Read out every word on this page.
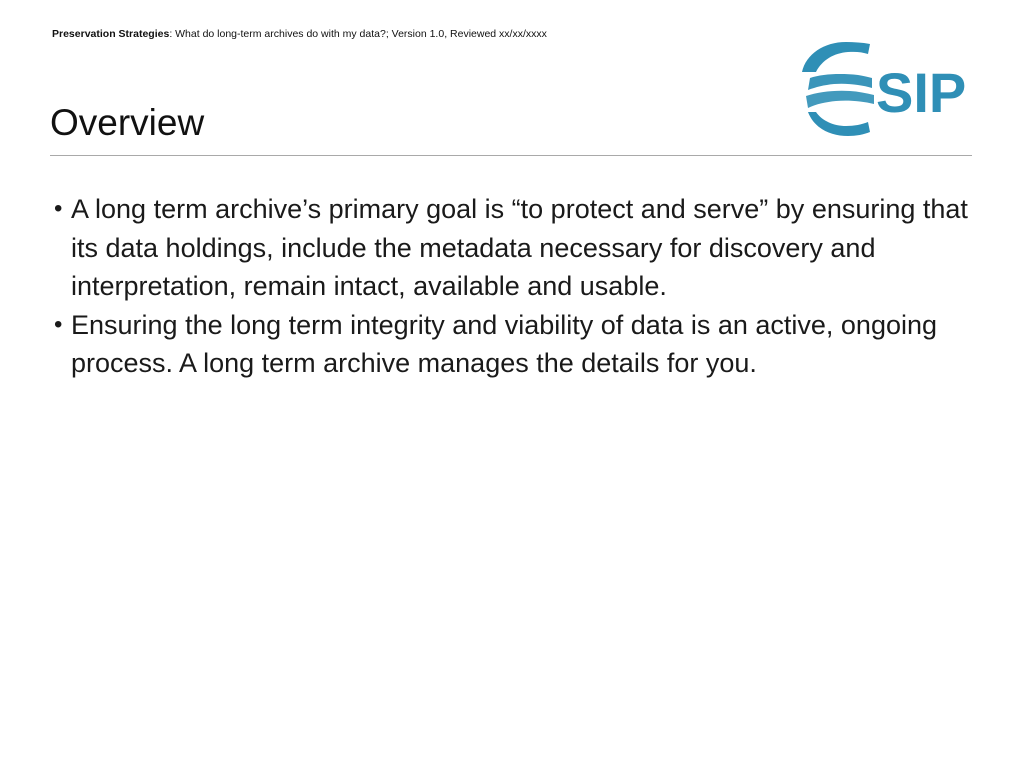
Preservation Strategies: What do long-term archives do with my data?; Version 1.0, Reviewed xx/xx/xxxx
SIP
Overview
• A long term archive’s primary goal is “to protect and serve” by ensuring that its data holdings, include the metadata necessary for discovery and interpretation, remain intact, available and usable.
• Ensuring the long term integrity and viability of data is an active, ongoing process. A long term archive manages the details for you.
